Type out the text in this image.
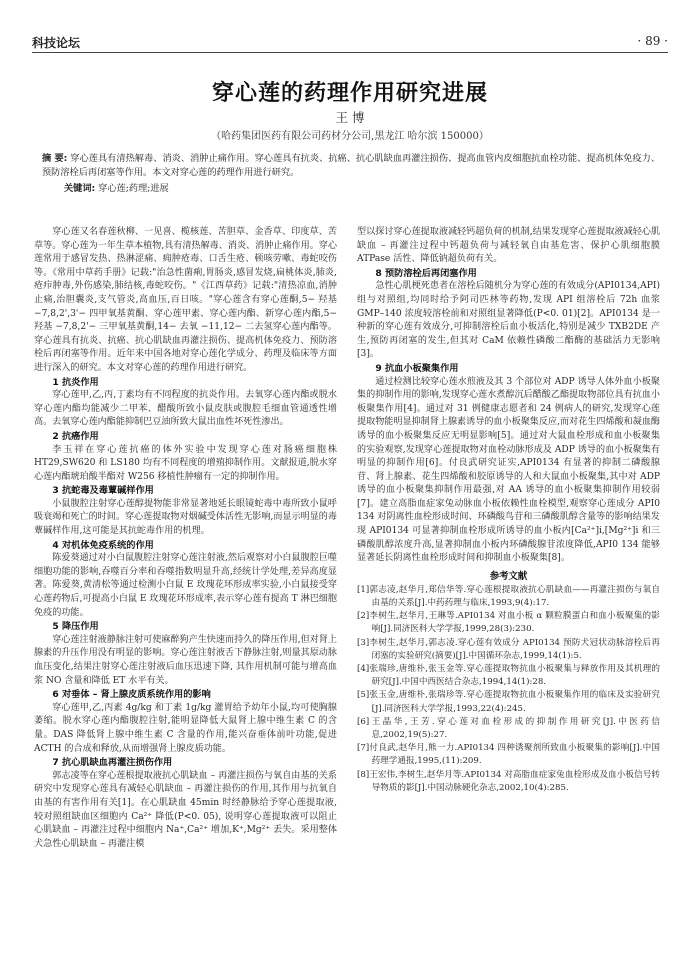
科技论坛	· 89 ·
穿心莲的药理作用研究进展
王 博
（哈药集团医药有限公司药材分公司,黑龙江 哈尔滨 150000）
摘 要: 穿心莲具有清热解毒、消炎、消肿止痛作用。穿心莲具有抗炎、抗癌、抗心肌缺血再灌注损伤、提高血管内皮细胞抗血栓功能、提高机体免疫力、预防溶栓后再闭塞等作用。本文对穿心莲的药理作用进行研究。
关键词: 穿心莲;药理;进展

穿心莲又名春莲秋柳、一见喜、榄核莲、苦胆草、金香草、印度草、苦草等。穿心莲为一年生草本植物,具有清热解毒、消炎、消肿止痛作用。穿心莲常用于感冒发热、热淋涩痛、痈肿疮毒、口舌生疮、顿咳劳嗽、毒蛇咬伤等。《常用中草药手册》记载:"治急性菌痢,胃肠炎,感冒发烧,扁桃体炎,肺炎,疮疖肿毒,外伤感染,肺结核,毒蛇咬伤。"《江西草药》记载:"清热凉血,消肿止痛,治胆囊炎,支气管炎,高血压,百日咳。"穿心莲含有穿心莲酮,5− 羟基 −7,8,2',3'− 四甲氧基黄酮、穿心莲甲素、穿心莲内酯、新穿心莲内酯,5− 羟基 −7,8,2'− 三甲氧基黄酮,14− 去氧 −11,12− 二去氢穿心莲内酯等。穿心莲具有抗炎、抗癌、抗心肌缺血再灌注损伤、提高机体免疫力、预防溶栓后再闭塞等作用。近年来中国各地对穿心莲化学成分、药理及临床等方面进行深入的研究。本文对穿心莲的药理作用进行研究。

1 抗炎作用

穿心莲甲,乙,丙,丁素均有不同程度的抗炎作用。去氧穿心莲内酯或脱水穿心莲内酯均能减少二甲苯、醋酸所致小鼠皮肤或腹腔毛细血管通透性增高。去氧穿心莲内酯能抑制巴豆油所致大鼠出血性坏死性渗出。

2 抗癌作用

李玉祥在穿心莲抗癌的体外实验中发现穿心莲对肠癌细胞株HT29,SW620 和 LS180 均有不同程度的增殖抑制作用。文献报道,脱水穿心莲内酯琥珀酸半酯对 W256 移植性肿瘤有一定的抑制作用。

3 抗蛇毒及毒蕈碱样作用

小鼠腹腔注射穿心莲醇提物能非常显著地延长眼镜蛇毒中毒所致小鼠呼吸衰竭和死亡的时间。穿心莲提取物对烟碱受体活性无影响,而显示明显的毒蕈碱样作用,这可能是其抗蛇毒作用的机理。

4 对机体免疫系统的作用

陈爱葵通过对小白鼠腹腔注射穿心莲注射液,然后观察对小白鼠腹腔巨噬细胞功能的影响,吞噬百分率和吞噬指数明显升高,经统计学处理,差异高度显著。陈爱葵,黄清松等通过检测小白鼠 E 玫瑰花环形成率实验,小白鼠接受穿心莲药物后,可提高小白鼠 E 玫瑰花环形成率,表示穿心莲有提高 T 淋巴细胞免疫的功能。

5 降压作用

穿心莲注射液静脉注射可使麻醉狗产生快速而持久的降压作用,但对肾上腺素的升压作用没有明显的影响。穿心莲注射液舌下静脉注射,则量其原动脉血压变化,结果注射穿心莲注射液后血压迅速下降, 其作用机制可能与增高血浆 NO 含量和降低 ET 水平有关。

6 对垂体 – 肾上腺皮质系统作用的影响

穿心莲甲,乙,丙素 4g/kg 和丁素 1g/kg 灌胃给予幼年小鼠,均可使胸腺萎缩。脱水穿心莲内酯腹腔注射,能明显降低大鼠肾上腺中维生素 C 的含量。DAS 降低肾上腺中维生素 C 含量的作用,能兴奋垂体前叶功能,促进 ACTH 的合成和释放,从而增强肾上腺皮质功能。

7 抗心肌缺血再灌注损伤作用

郭志凌等在穿心莲根提取液抗心肌缺血 – 再灌注损伤与氧自由基的关系研究中发现穿心莲具有减轻心肌缺血 – 再灌注损伤的作用,其作用与抗氧自由基的有害作用有关[1]。在心肌缺血 45min 时经静脉给予穿心莲提取液, 较对照组缺血区细胞内 Ca²⁺ 降低(P<0. 05), 说明穿心莲提取液可以阻止心肌缺血 – 再灌注过程中细胞内 Na⁺,Ca²⁺ 增加,K⁺,Mg²⁺ 丢失。采用整体犬急性心肌缺血 – 再灌注模

型以探讨穿心莲提取液减轻钙超负荷的机制,结果发现穿心莲提取液减轻心肌缺血 – 再灌注过程中钙超负荷与减轻氧自由基危害、保护心肌细胞膜 ATPase 活性、降低钠超负荷有关。

8 预防溶栓后再闭塞作用

急性心肌梗死患者在溶栓后随机分为穿心莲的有效成分(API0134,API)组与对照组,均同时给予阿司匹林等药物,发现 API 组溶栓后 72h 血浆 GMP–140 浓度较溶栓前和对照组显著降低(P<0. 01)[2]。API0134 是一种新的穿心莲有效成分,可抑制溶栓后血小板活化,特别是减少 TXB2DE 产生,预防再闭塞的发生,但其对 CaM 依赖性磷酸二酯酶的基础活力无影响[3]。

9 抗血小板聚集作用

通过检测比较穿心莲水煎液及其 3 个部位对 ADP 诱导人体外血小板聚集的抑制作用的影响,发现穿心莲水煮醇沉后醋酸乙酯提取物部位具有抗血小板聚集作用[4]。通过对 31 例健康志愿者和 24 例病人的研究,发现穿心莲提取物能明显抑制肾上腺素诱导的血小板聚集反应,而对花生四烯酸和凝血酶诱导的血小板聚集反应无明显影响[5]。通过对大鼠血栓形成和血小板聚集的实验观察,发现穿心莲提取物对血栓动脉形成及 ADP 诱导的血小板聚集有明显的抑制作用[6]。付良武研究证实,API0134 有显著的抑制二磷酸腺苷、肾上腺素、花生四烯酸和胶原诱导的人和大鼠血小板聚集,其中对 ADP 诱导的血小板聚集抑制作用最强,对 AA 诱导的血小板聚集抑制作用较弱[7]。建立高脂血症家兔动脉血小板依赖性血栓模型,观察穿心莲成分 API0 134 对阴离性血栓形成时间、环磷酸鸟苷和三磷酸肌醇含量等的影响结果发现 API0134 可显著抑制血栓形成所诱导的血小板内[Ca²⁺]i,[Mg²⁺]i 和三磷酸肌醇浓度升高,显著抑制血小板内环磷酸腺苷浓度降低,API0 134 能够显著延长阴离性血栓形成时间和抑制血小板聚集[8]。

参考文献
[1]郭志凌,赵华月,郑信华等.穿心莲根提取液抗心肌缺血——再灌注损伤与氧自由基的关系[J].中药药理与临床,1993,9(4):17.
[2]李树生,赵华月,王琳等.API0134 对血小板 α 颗粒膜蛋白和血小板聚集的影响[J].同济医科大学学报,1999,28(3):230.
[3]李树生,赵华月,郭志凌.穿心莲有效成分 API0134 预防犬冠状动脉溶栓后再闭塞的实验研究(摘要)[J].中国循环杂志,1999,14(1):5.
[4]张瑞珍,唐维朴,张玉金等.穿心莲提取物抗血小板聚集与释放作用及其机理的研究[J].中国中西医结合杂志,1994,14(1):28.
[5]张玉金,唐维朴,张瑞珍等.穿心莲提取物抗血小板聚集作用的临床及实验研究[J].同济医科大学学报,1993,22(4):245.
[6]王晶华,王芳.穿心莲对血栓形成的抑制作用研究[J].中医药信息,2002,19(5):27.
[7]付良武,赵华月,熊一力.API0134 四种诱聚剂所致血小板聚集的影响[J].中国药理学通报,1995,(11):209.
[8]王宏伟,李树生,赵华月等.API0134 对高脂血症家兔血栓形成及血小板信号转导物质的影[J].中国动脉硬化杂志,2002,10(4):285.
